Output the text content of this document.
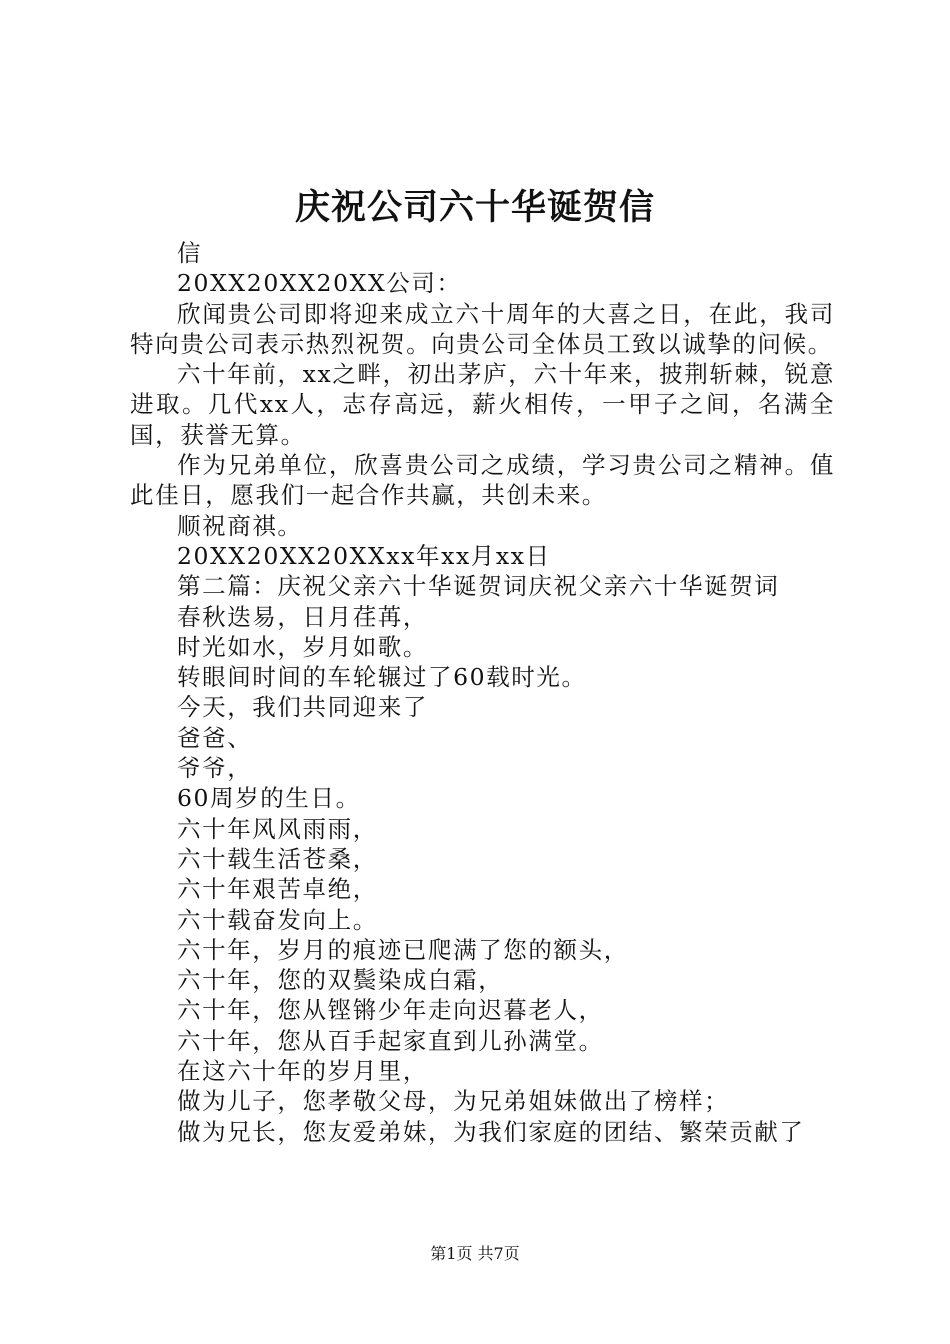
庆祝公司六十华诞贺信

信

20XX20XX20XX公司：

欣闻贵公司即将迎来成立六十周年的大喜之日，在此，我司特向贵公司表示热烈祝贺。向贵公司全体员工致以诚挚的问候。

六十年前，xx之畔，初出茅庐，六十年来，披荆斩棘，锐意进取。几代xx人，志存高远，薪火相传，一甲子之间，名满全国，获誉无算。

作为兄弟单位，欣喜贵公司之成绩，学习贵公司之精神。值此佳日，愿我们一起合作共赢，共创未来。

顺祝商祺。

20XX20XX20XXxx年xx月xx日

第二篇：庆祝父亲六十华诞贺词庆祝父亲六十华诞贺词

春秋迭易，日月荏苒，

时光如水，岁月如歌。

转眼间时间的车轮辗过了60载时光。

今天，我们共同迎来了

爸爸、

爷爷，

60周岁的生日。

六十年风风雨雨，

六十载生活苍桑，

六十年艰苦卓绝，

六十载奋发向上。

六十年，岁月的痕迹已爬满了您的额头，

六十年，您的双鬓染成白霜，

六十年，您从铿锵少年走向迟暮老人，

六十年，您从百手起家直到儿孙满堂。

在这六十年的岁月里，

做为儿子，您孝敬父母，为兄弟姐妹做出了榜样；

做为兄长，您友爱弟妹，为我们家庭的团结、繁荣贡献了

第1页 共7页
